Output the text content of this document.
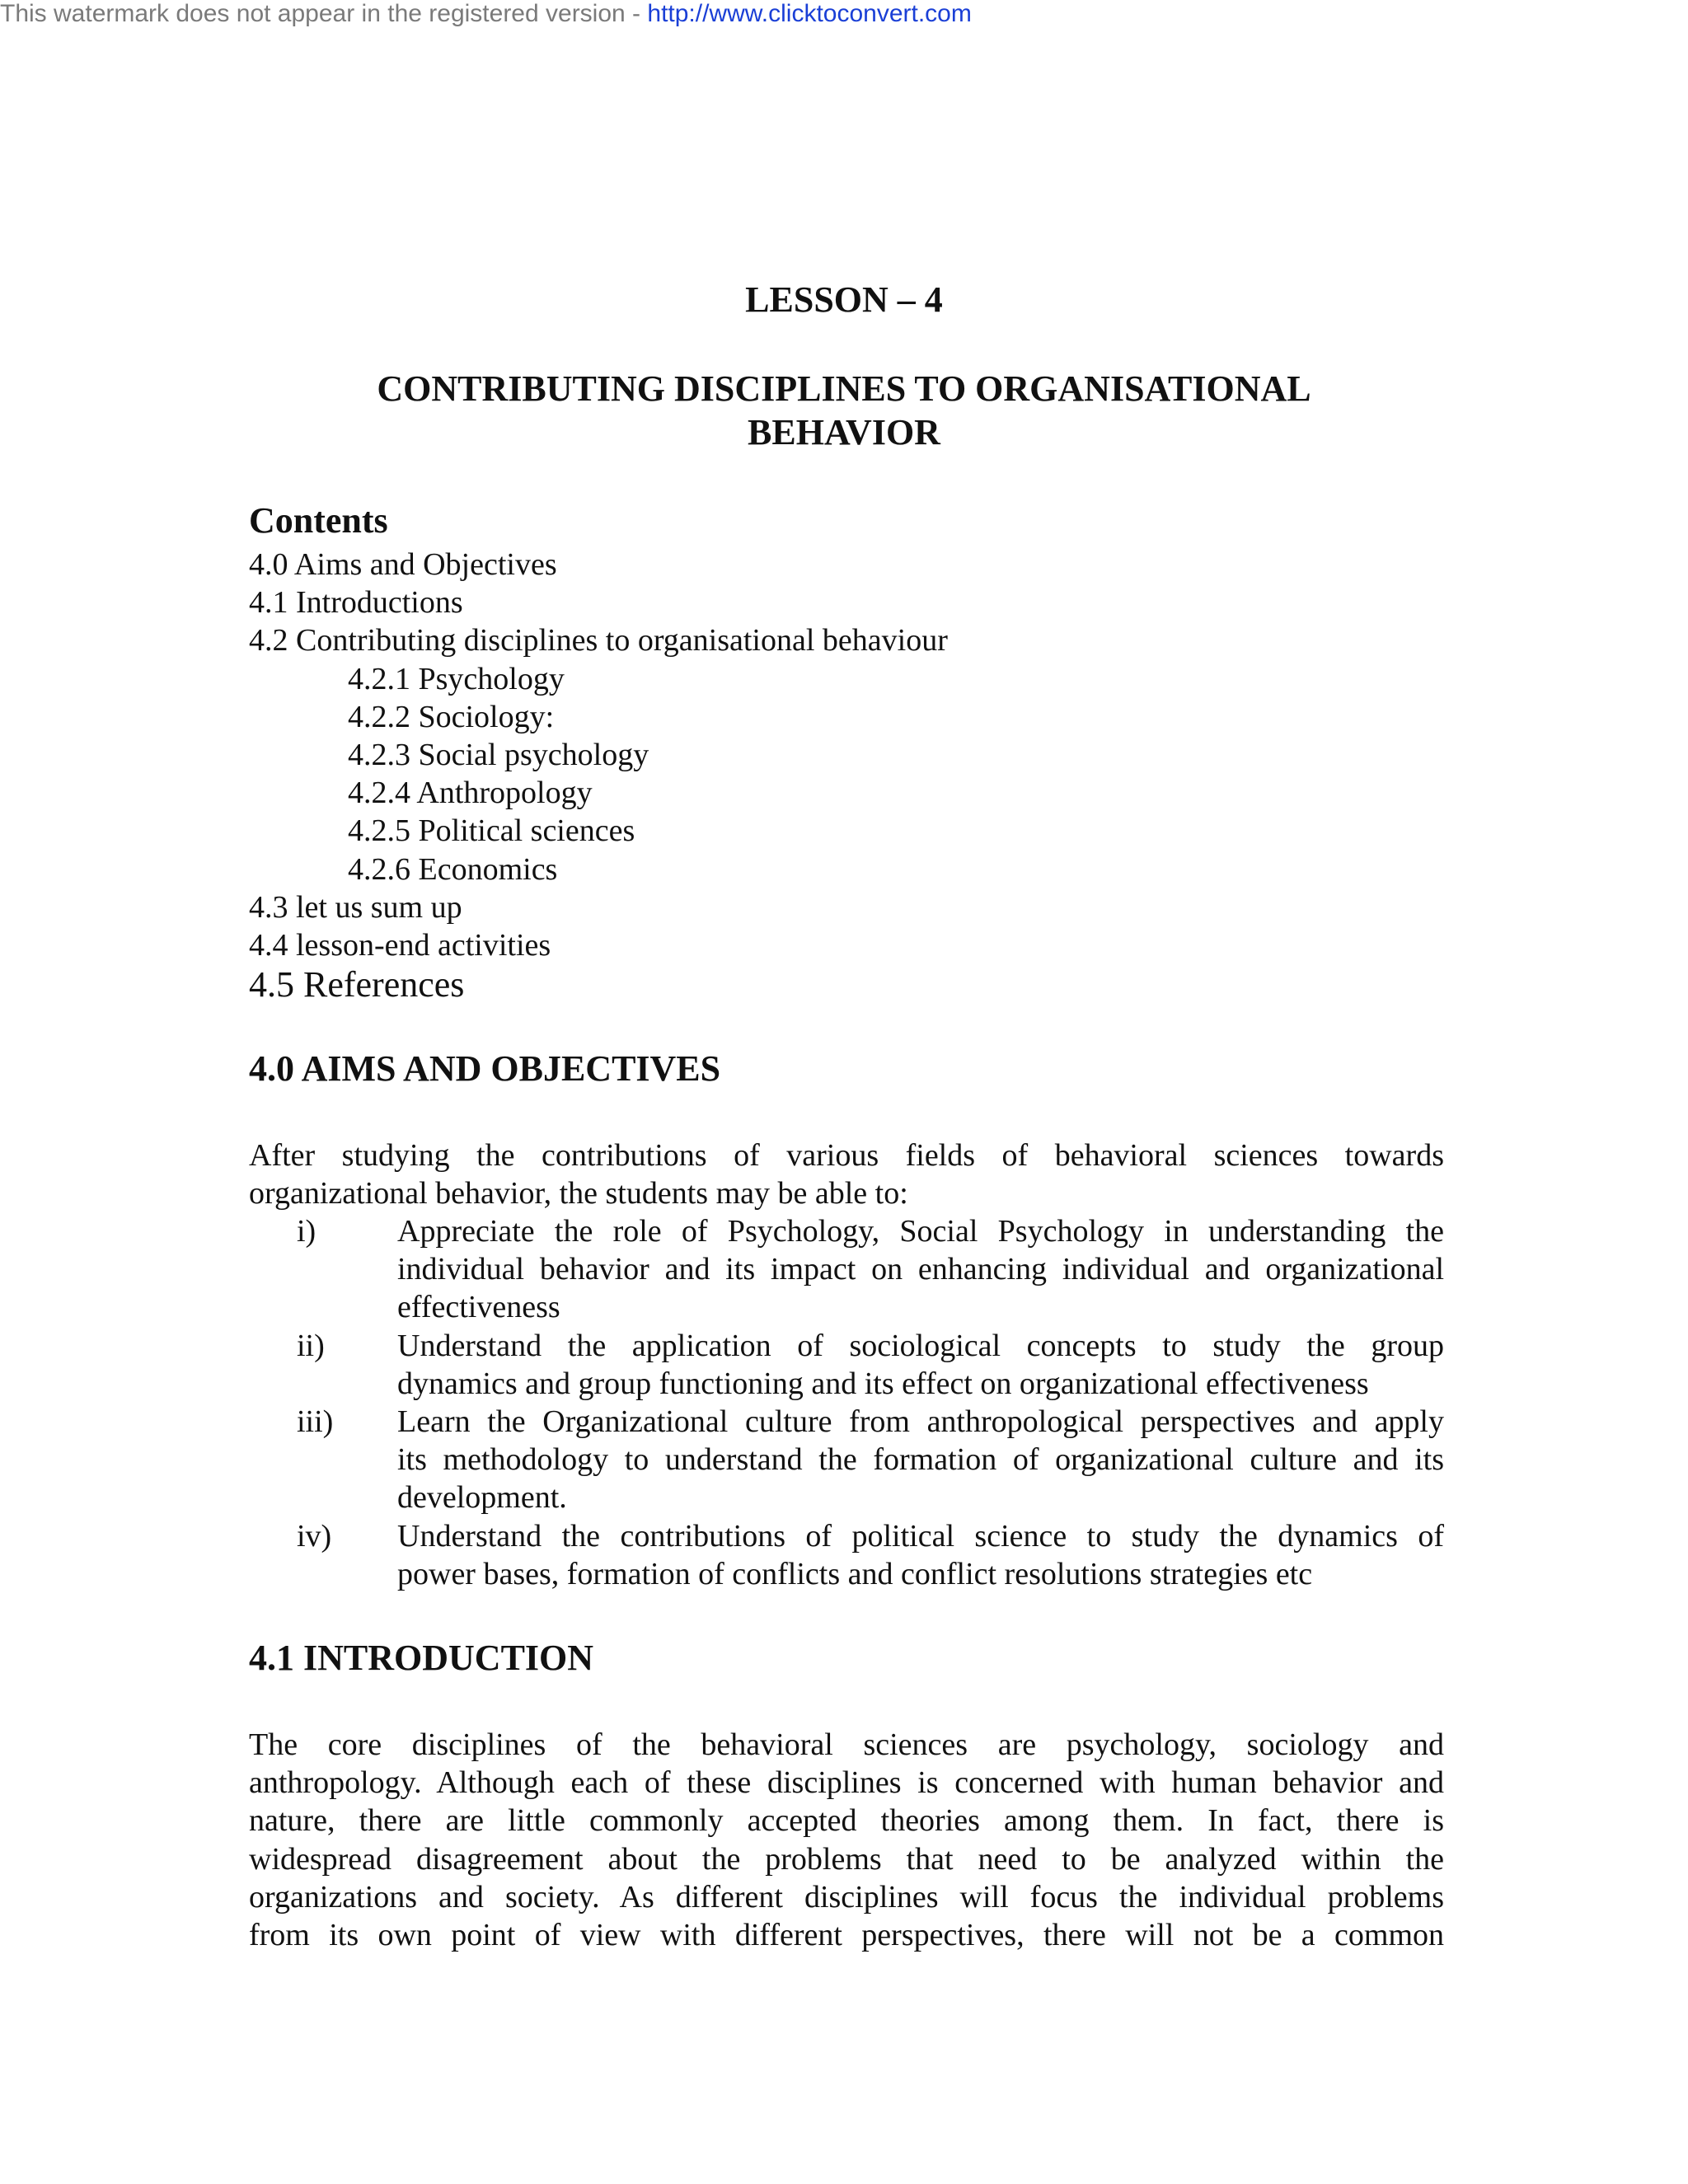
This watermark does not appear in the registered version - http://www.clicktoconvert.com
LESSON – 4
CONTRIBUTING DISCIPLINES TO ORGANISATIONAL
BEHAVIOR
Contents
4.0 Aims and Objectives
4.1 Introductions
4.2 Contributing disciplines to organisational behaviour
4.2.1 Psychology
4.2.2 Sociology:
4.2.3 Social psychology
4.2.4 Anthropology
4.2.5 Political sciences
4.2.6 Economics
4.3 let us sum up
4.4 lesson-end activities
4.5 References
4.0 AIMS AND OBJECTIVES
After studying the contributions of various fields of behavioral sciences towards
organizational behavior, the students may be able to:
i)	Appreciate the role of Psychology, Social Psychology in understanding the
individual behavior and its impact on enhancing individual and organizational
effectiveness
ii)	Understand the application of sociological concepts to study the group
dynamics and group functioning and its effect on organizational effectiveness
iii)	Learn the Organizational culture from anthropological perspectives and apply
its methodology to understand the formation of organizational culture and its
development.
iv)	Understand the contributions of political science to study the dynamics of
power bases, formation of conflicts and conflict resolutions strategies etc
4.1 INTRODUCTION
The core disciplines of the behavioral sciences are psychology, sociology and
anthropology. Although each of these disciplines is concerned with human behavior and
nature, there are little commonly accepted theories among them. In fact, there is
widespread disagreement about the problems that need to be analyzed within the
organizations and society. As different disciplines will focus the individual problems
from its own point of view with different perspectives, there will not be a common
